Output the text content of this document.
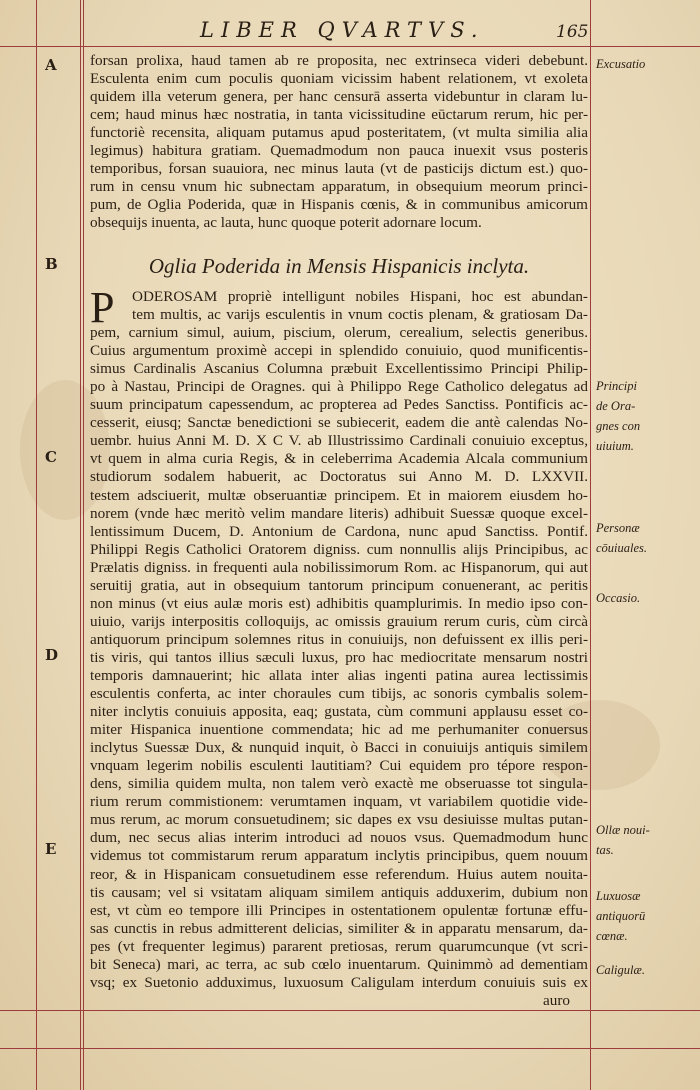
LIBER QVARTVS.	165
A
B
C
D
E
forsan prolixa, haud tamen ab re proposita, nec extrinseca videri debebunt.
Esculenta enim cum poculis quoniam vicissim habent relationem, vt exoleta
quidem illa veterum genera, per hanc censurā asserta videbuntur in claram lu-
cem; haud minus hæc nostratia, in tanta vicissitudine eūctarum rerum, hic per-
functoriè recensita, aliquam putamus apud posteritatem, (vt multa similia alia
legimus) habitura gratiam. Quemadmodum non pauca inuexit vsus posteris
temporibus, forsan suauiora, nec minus lauta (vt de pasticijs dictum est.) quo-
rum in censu vnum hic subnectam apparatum, in obsequium meorum princi-
pum, de Oglia Poderida, quæ in Hispanis cœnis, & in communibus amicorum
obsequijs inuenta, ac lauta, hunc quoque poterit adornare locum.
Oglia Poderida in Mensis Hispanicis inclyta.
P	ODEROSAM propriè intelligunt nobiles Hispani, hoc est abundan-
tem multis, ac varijs esculentis in vnum coctis plenam, & gratiosam Da-
pem, carnium simul, auium, piscium, olerum, cerealium, selectis generibus.
Cuius argumentum proximè accepi in splendido conuiuio, quod munificentis-
simus Cardinalis Ascanius Columna præbuit Excellentissimo Principi Philip-
po à Nastau, Principi de Oragnes. qui à Philippo Rege Catholico delegatus ad
suum principatum capessendum, ac propterea ad Pedes Sanctiss. Pontificis ac-
cesserit, eiusq; Sanctæ benedictioni se subiecerit, eadem die antè calendas No-
uembr. huius Anni M. D. X C V. ab Illustrissimo Cardinali conuiuio exceptus,
vt quem in alma curia Regis, & in celeberrima Academia Alcala communium
studiorum sodalem habuerit, ac Doctoratus sui Anno M. D. LXXVII.
testem adsciuerit, multæ obseruantiæ principem. Et in maiorem eiusdem ho-
norem (vnde hæc meritò velim mandare literis) adhibuit Suessæ quoque excel-
lentissimum Ducem, D. Antonium de Cardona, nunc apud Sanctiss. Pontif.
Philippi Regis Catholici Oratorem digniss. cum nonnullis alijs Principibus, ac
Prælatis digniss. in frequenti aula nobilissimorum Rom. ac Hispanorum, qui aut
seruitij gratia, aut in obsequium tantorum principum conuenerant, ac peritis
non minus (vt eius aulæ moris est) adhibitis quamplurimis. In medio ipso con-
uiuio, varijs interpositis colloquijs, ac omissis grauium rerum curis, cùm circà
antiquorum principum solemnes ritus in conuiuijs, non defuissent ex illis peri-
tis viris, qui tantos illius sæculi luxus, pro hac mediocritate mensarum nostri
temporis damnauerint; hic allata inter alias ingenti patina aurea lectissimis
esculentis conferta, ac inter choraules cum tibijs, ac sonoris cymbalis solem-
niter inclytis conuiuis apposita, eaq; gustata, cùm communi applausu esset co-
miter Hispanica inuentione commendata; hic ad me perhumaniter conuersus
inclytus Suessæ Dux, & nunquid inquit, ò Bacci in conuiuijs antiquis similem
vnquam legerim nobilis esculenti lautitiam? Cui equidem pro tépore respon-
dens, similia quidem multa, non talem verò exactè me obseruasse tot singula-
rium rerum commistionem: verumtamen inquam, vt variabilem quotidie vide-
mus rerum, ac morum consuetudinem; sic dapes ex vsu desiuisse multas putan-
dum, nec secus alias interim introduci ad nouos vsus. Quemadmodum hunc
videmus tot commistarum rerum apparatum inclytis principibus, quem nouum
reor, & in Hispanicam consuetudinem esse referendum. Huius autem nouita-
tis causam; vel si vsitatam aliquam similem antiquis adduxerim, dubium non
est, vt cùm eo tempore illi Principes in ostentationem opulentæ fortunæ effu-
sas cunctis in rebus admitterent delicias, similiter & in apparatu mensarum, da-
pes (vt frequenter legimus) pararent pretiosas, rerum quarumcunque (vt scri-
bit Seneca) mari, ac terra, ac sub cœlo inuentarum. Quinimmò ad dementiam
vsq; ex Suetonio adduximus, luxuosum Caligulam interdum conuiuis suis ex
auro
Excusatio
Principi
de Ora-
gnes con
uiuium.
Personæ
cōuiuales.
Occasio.
Ollæ noui-
tas.
Luxuosæ
antiquorū
cœnæ.
Caligulæ.
